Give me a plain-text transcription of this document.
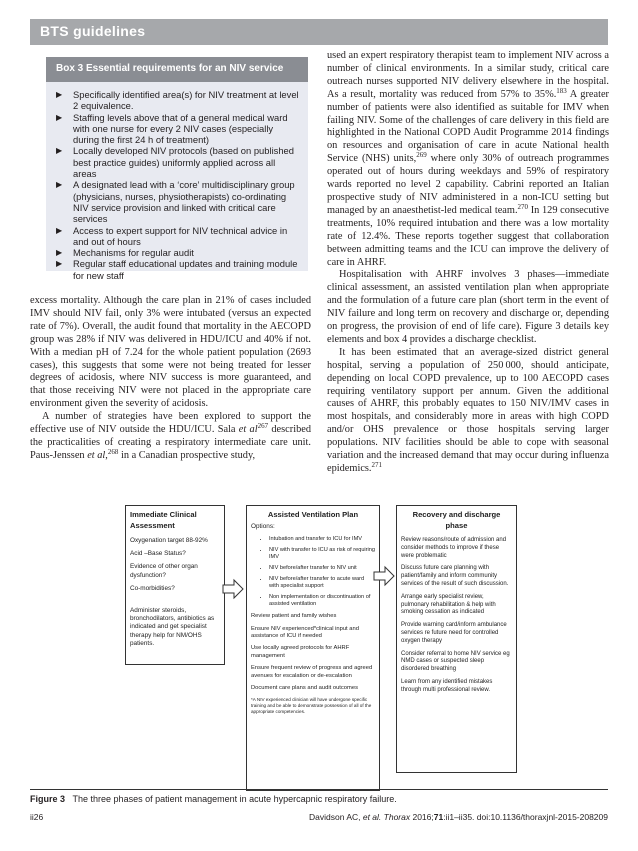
BTS guidelines
Box 3 Essential requirements for an NIV service
▶ Specifically identified area(s) for NIV treatment at level 2 equivalence.
▶ Staffing levels above that of a general medical ward with one nurse for every 2 NIV cases (especially during the first 24 h of treatment)
▶ Locally developed NIV protocols (based on published best practice guides) uniformly applied across all areas
▶ A designated lead with a ‘core’ multidisciplinary group (physicians, nurses, physiotherapists) co-ordinating NIV service provision and linked with critical care services
▶ Access to expert support for NIV technical advice in and out of hours
▶ Mechanisms for regular audit
▶ Regular staff educational updates and training module for new staff

excess mortality. Although the care plan in 21% of cases included IMV should NIV fail, only 3% were intubated (versus an expected rate of 7%). Overall, the audit found that mortality in the AECOPD group was 28% if NIV was delivered in HDU/ICU and 40% if not. With a median pH of 7.24 for the whole patient population (2693 cases), this suggests that some were not being treated for lesser degrees of acidosis, where NIV success is more guaranteed, and that those receiving NIV were not placed in the appropriate care environment given the severity of acidosis.

A number of strategies have been explored to support the effective use of NIV outside the HDU/ICU. Sala et $al^{267}$ described the practicalities of creating a respiratory intermediate care unit. Paus-Jenssen et al,$^{268}$ in a Canadian prospective study,

used an expert respiratory therapist team to implement NIV across a number of clinical environments. In a similar study, critical care outreach nurses supported NIV delivery elsewhere in the hospital. As a result, mortality was reduced from 57% to 35%.$^{183}$ A greater number of patients were also identified as suitable for IMV when failing NIV. Some of the challenges of care delivery in this field are highlighted in the National COPD Audit Programme 2014 findings on resources and organisation of care in acute National health Service (NHS) units,$^{269}$ where only 30% of outreach programmes operated out of hours during weekdays and 59% of respiratory wards reported no level 2 capability. Cabrini reported an Italian prospective study of NIV administered in a non-ICU setting but managed by an anaesthetist-led medical team.$^{270}$ In 129 consecutive treatments, 10% required intubation and there was a low mortality rate of 12.4%. These reports together suggest that collaboration between admitting teams and the ICU can improve the delivery of care in AHRF.

Hospitalisation with AHRF involves 3 phases—immediate clinical assessment, an assisted ventilation plan when appropriate and the formulation of a future care plan (short term in the event of NIV failure and long term on recovery and discharge or, depending on progress, the provision of end of life care). Figure 3 details key elements and box 4 provides a discharge checklist.

It has been estimated that an average-sized district general hospital, serving a population of 250 000, should anticipate, depending on local COPD prevalence, up to 100 AECOPD cases requiring ventilatory support per annum. Given the additional causes of AHRF, this probably equates to 150 NIV/IMV cases in most hospitals, and considerably more in areas with high COPD and/or OHS prevalence or those hospitals serving larger populations. NIV facilities should be able to cope with seasonal variation and the increased demand that may occur during influenza epidemics.$^{271}$

Immediate Clinical
Assessment

Oxygenation target 88-92%

Acid –Base Status?

Evidence of other organ dysfunction?

Co-morbidities?

Administer steroids, bronchodilators, antibiotics as indicated and get specialist therapy help for NM/OHS patients.

Assisted Ventilation Plan

Options:

• Intubation and transfer to ICU for IMV
• NIV with transfer to ICU as risk of requiring IMV
• NIV before/after transfer to NIV unit
• NIV before/after transfer to acute ward with specialist support
• Non implementation or discontinuation of assisted ventilation

Review patient and family wishes

Ensure NIV experienced*clinical input and assistance of ICU if needed

Use locally agreed protocols for AHRF management

Ensure frequent review of progress and agreed avenues for escalation or de-escalation

Document care plans and audit outcomes

*A NIV experienced clinician will have undergone specific training and be able to demonstrate possession of all of the appropriate competencies.

Recovery and discharge
phase

Review reasons/route of admission and consider methods to improve if these were problematic

Discuss future care planning with patient/family and inform community services of the result of such discussion.

Arrange early specialist review, pulmonary rehabilitation & help with smoking cessation as indicated

Provide warning card/inform ambulance services re future need for controlled oxygen therapy

Consider referral to home NIV service eg NMD cases or suspected sleep disordered breathing

Learn from any identified mistakes through multi professional review.

Figure 3 The three phases of patient management in acute hypercapnic respiratory failure.
ii26	Davidson AC, et al. Thorax 2016;71:ii1–ii35. doi:10.1136/thoraxjnl-2015-208209
